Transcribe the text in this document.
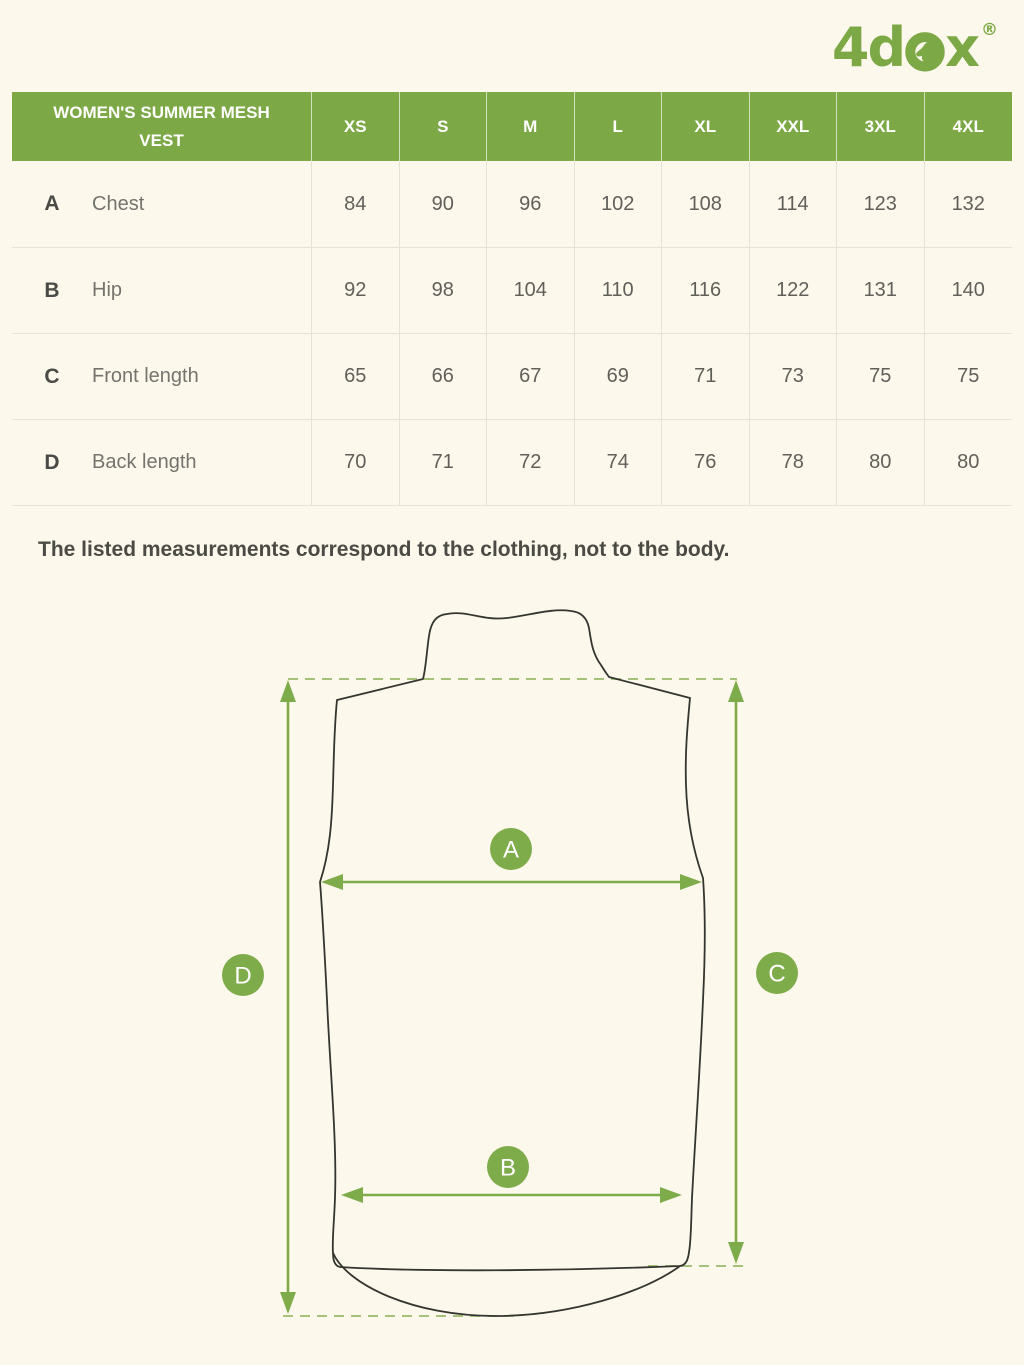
4d x ®
WOMEN'S SUMMER MESH VEST
XS	S	M	L	XL	XXL	3XL	4XL
A	Chest	84	90	96	102	108	114	123	132
B	Hip	92	98	104	110	116	122	131	140
C	Front length	65	66	67	69	71	73	75	75
D	Back length	70	71	72	74	76	78	80	80

The listed measurements correspond to the clothing, not to the body.

A
B
C
D
